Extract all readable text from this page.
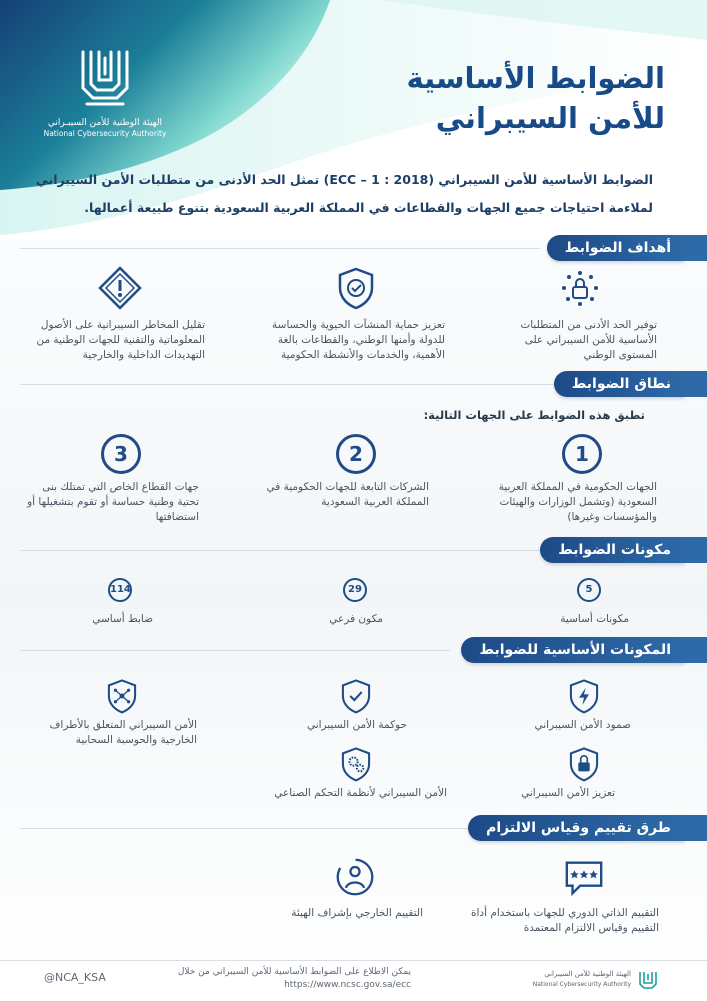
الضوابط الأساسية
للأمن السيبراني
الهيئة الوطنية للأمن السيبـراني
National Cybersecurity Authority
الضوابط الأساسية للأمن السيبراني (ECC – 1 : 2018) تمثل الحد الأدنى من متطلبات الأمن السيبراني
لملاءمة احتياجات جميع الجهات والقطاعات في المملكة العربية السعودية بتنوع طبيعة أعمالها.
أهداف الضوابط
توفير الحد الأدنى من المتطلبات الأساسية للأمن السيبراني على المستوى الوطني
تعزيز حماية المنشآت الحيوية والحساسة للدولة وأمنها الوطني، والقطاعات بالغة الأهمية، والخدمات والأنشطة الحكومية
تقليل المخاطر السيبرانية على الأصول المعلوماتية والتقنية للجهات الوطنية من التهديدات الداخلية والخارجية
نطاق الضوابط
تطبق هذه الضوابط على الجهات التالية:
1
الجهات الحكومية في المملكة العربية السعودية (وتشمل الوزارات والهيئات والمؤسسات وغيرها)
2
الشركات التابعة للجهات الحكومية في المملكة العربية السعودية
3
جهات القطاع الخاص التي تمتلك بنى تحتية وطنية حساسة أو تقوم بتشغيلها أو استضافتها
مكونات الضوابط
5
مكونات أساسية
29
مكون فرعي
114
ضابط أساسي
المكونات الأساسية للضوابط
صمود الأمن السيبراني
حوكمة الأمن السيبراني
الأمن السيبراني المتعلق بالأطراف الخارجية والحوسبة السحابية
تعزيز الأمن السيبراني
الأمن السيبراني لأنظمة التحكم الصناعي
طرق تقييم وقياس الالتزام
التقييم الذاتي الدوري للجهات باستخدام أداة التقييم وقياس الالتزام المعتمدة
التقييم الخارجي بإشراف الهيئة
@NCA_KSA	يمكن الاطلاع على الضوابط الأساسية للأمن السيبراني من خلال
https://www.ncsc.gov.sa/ecc
الهيئة الوطنية للأمن السيبراني
National Cybersecurity Authority
